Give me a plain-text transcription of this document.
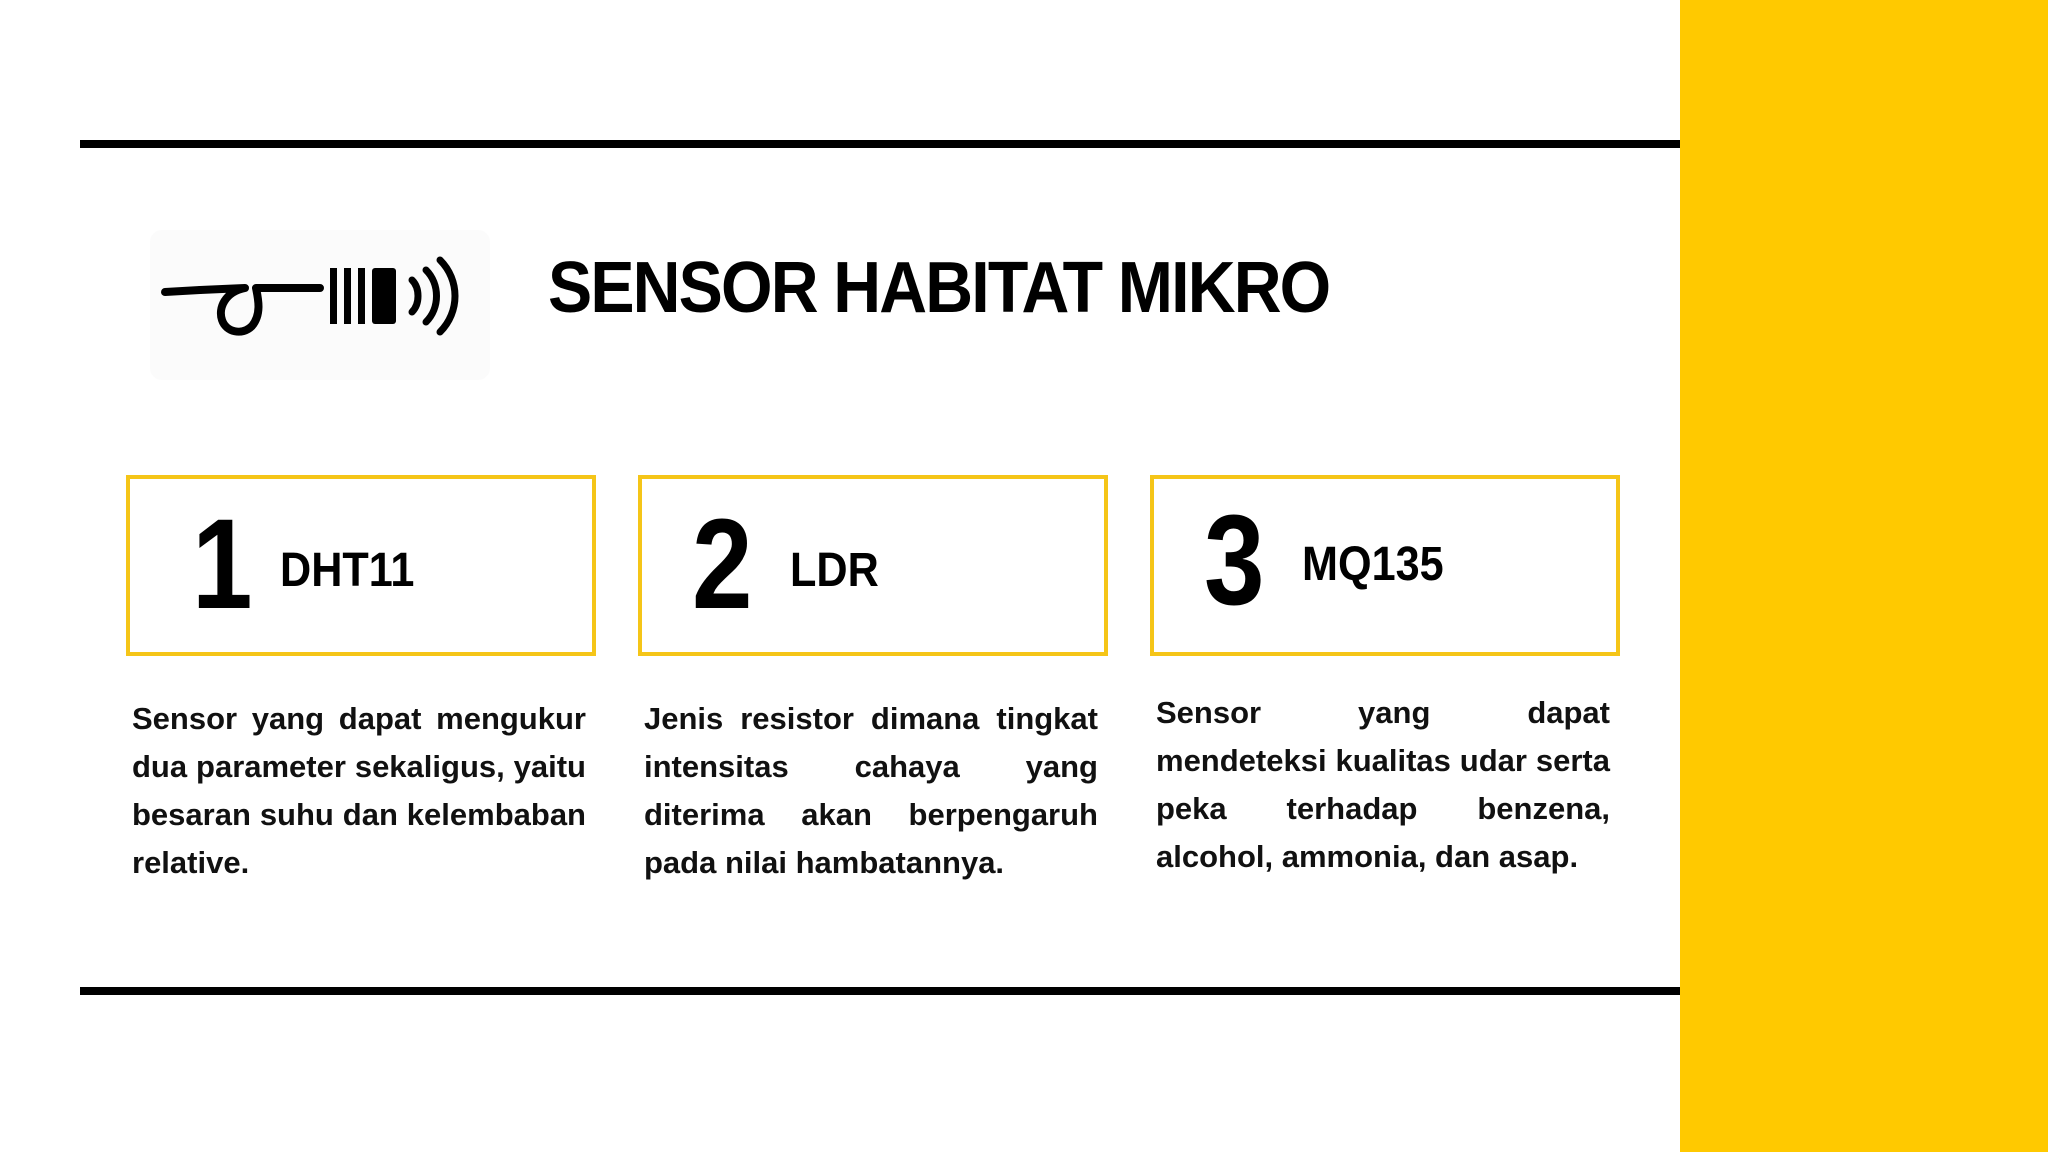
SENSOR HABITAT MIKRO
1 DHT11 2 LDR	3 MQ135
Sensor yang dapat mengukur dua parameter sekaligus, yaitu besaran suhu dan kelembaban relative.
Jenis resistor dimana tingkat intensitas cahaya yang diterima akan berpengaruh pada nilai hambatannya.
Sensor yang dapat mendeteksi kualitas udar serta peka terhadap benzena, alcohol, ammonia, dan asap.
